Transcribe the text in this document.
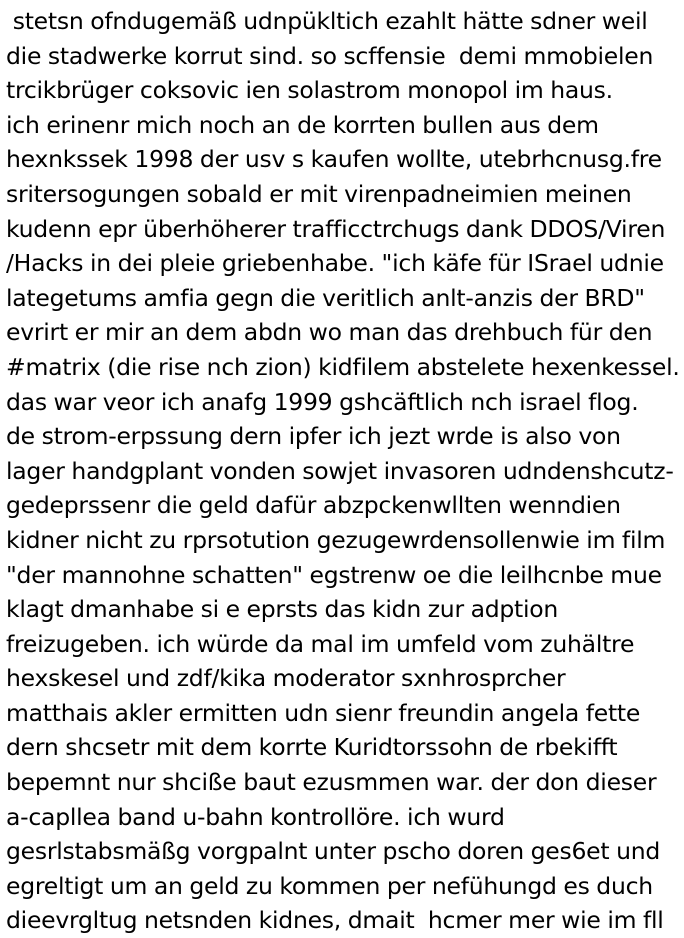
stetsn ofndugemäß udnpükltich ezahlt hätte sdner weil
die stadwerke korrut sind. so scffensie  demi mmobielen
trcikbrüger coksovic ien solastrom monopol im haus.
ich erinenr mich noch an de korrten bullen aus dem
hexnkssek 1998 der usv s kaufen wollte, utebrhcnusg.fre
sritersogungen sobald er mit virenpadneimien meinen
kudenn epr überhöherer trafficctrchugs dank DDOS/Viren
/Hacks in dei pleie griebenhabe. "ich käfe für ISrael udnie
lategetums amfia gegn die veritlich anlt-anzis der BRD"
evrirt er mir an dem abdn wo man das drehbuch für den
#matrix (die rise nch zion) kidfilem abstelete hexenkessel.
das war veor ich anafg 1999 gshcäftlich nch israel flog.
de strom-erpssung dern ipfer ich jezt wrde is also von
lager handgplant vonden sowjet invasoren udndenshcutz-
gedeprssenr die geld dafür abzpckenwllten wenndien
kidner nicht zu rprsotution gezugewrdensollenwie im film
"der mannohne schatten" egstrenw oe die leilhcnbe mue
klagt dmanhabe si e eprsts das kidn zur adption
freizugeben. ich würde da mal im umfeld vom zuhältre
hexskesel und zdf/kika moderator sxnhrosprcher
matthais akler ermitten udn sienr freundin angela fette
dern shcsetr mit dem korrte Kuridtorssohn de rbekifft
bepemnt nur shciße baut ezusmmen war. der don dieser
a-capllea band u-bahn kontrollöre. ich wurd
gesrlstabsmäßg vorgpalnt unter pscho doren ges6et und
egreltigt um an geld zu kommen per nefühungd es duch
dieevrgltug netsnden kidnes, dmait  hcmer mer wie im fll
